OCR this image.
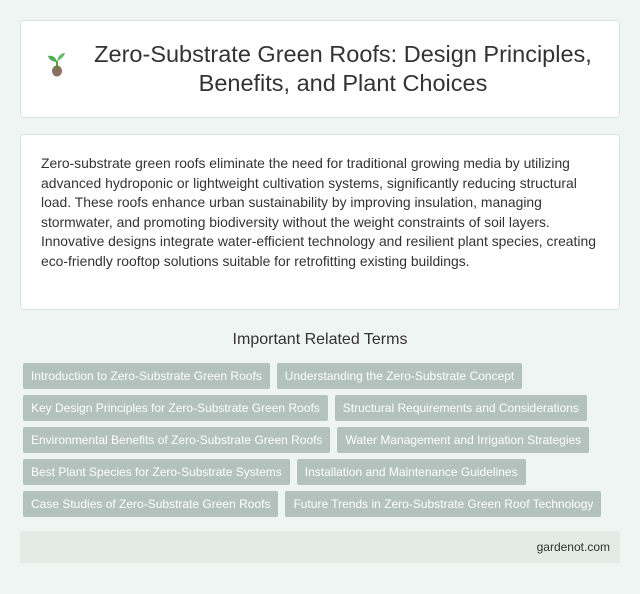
Zero-Substrate Green Roofs: Design Principles, Benefits, and Plant Choices

Zero-substrate green roofs eliminate the need for traditional growing media by utilizing advanced hydroponic or lightweight cultivation systems, significantly reducing structural load. These roofs enhance urban sustainability by improving insulation, managing stormwater, and promoting biodiversity without the weight constraints of soil layers. Innovative designs integrate water-efficient technology and resilient plant species, creating eco-friendly rooftop solutions suitable for retrofitting existing buildings.

Important Related Terms
Introduction to Zero-Substrate Green Roofs	Understanding the Zero-Substrate Concept
Key Design Principles for Zero-Substrate Green Roofs	Structural Requirements and Considerations
Environmental Benefits of Zero-Substrate Green Roofs	Water Management and Irrigation Strategies
Best Plant Species for Zero-Substrate Systems	Installation and Maintenance Guidelines
Case Studies of Zero-Substrate Green Roofs	Future Trends in Zero-Substrate Green Roof Technology
gardenot.com
